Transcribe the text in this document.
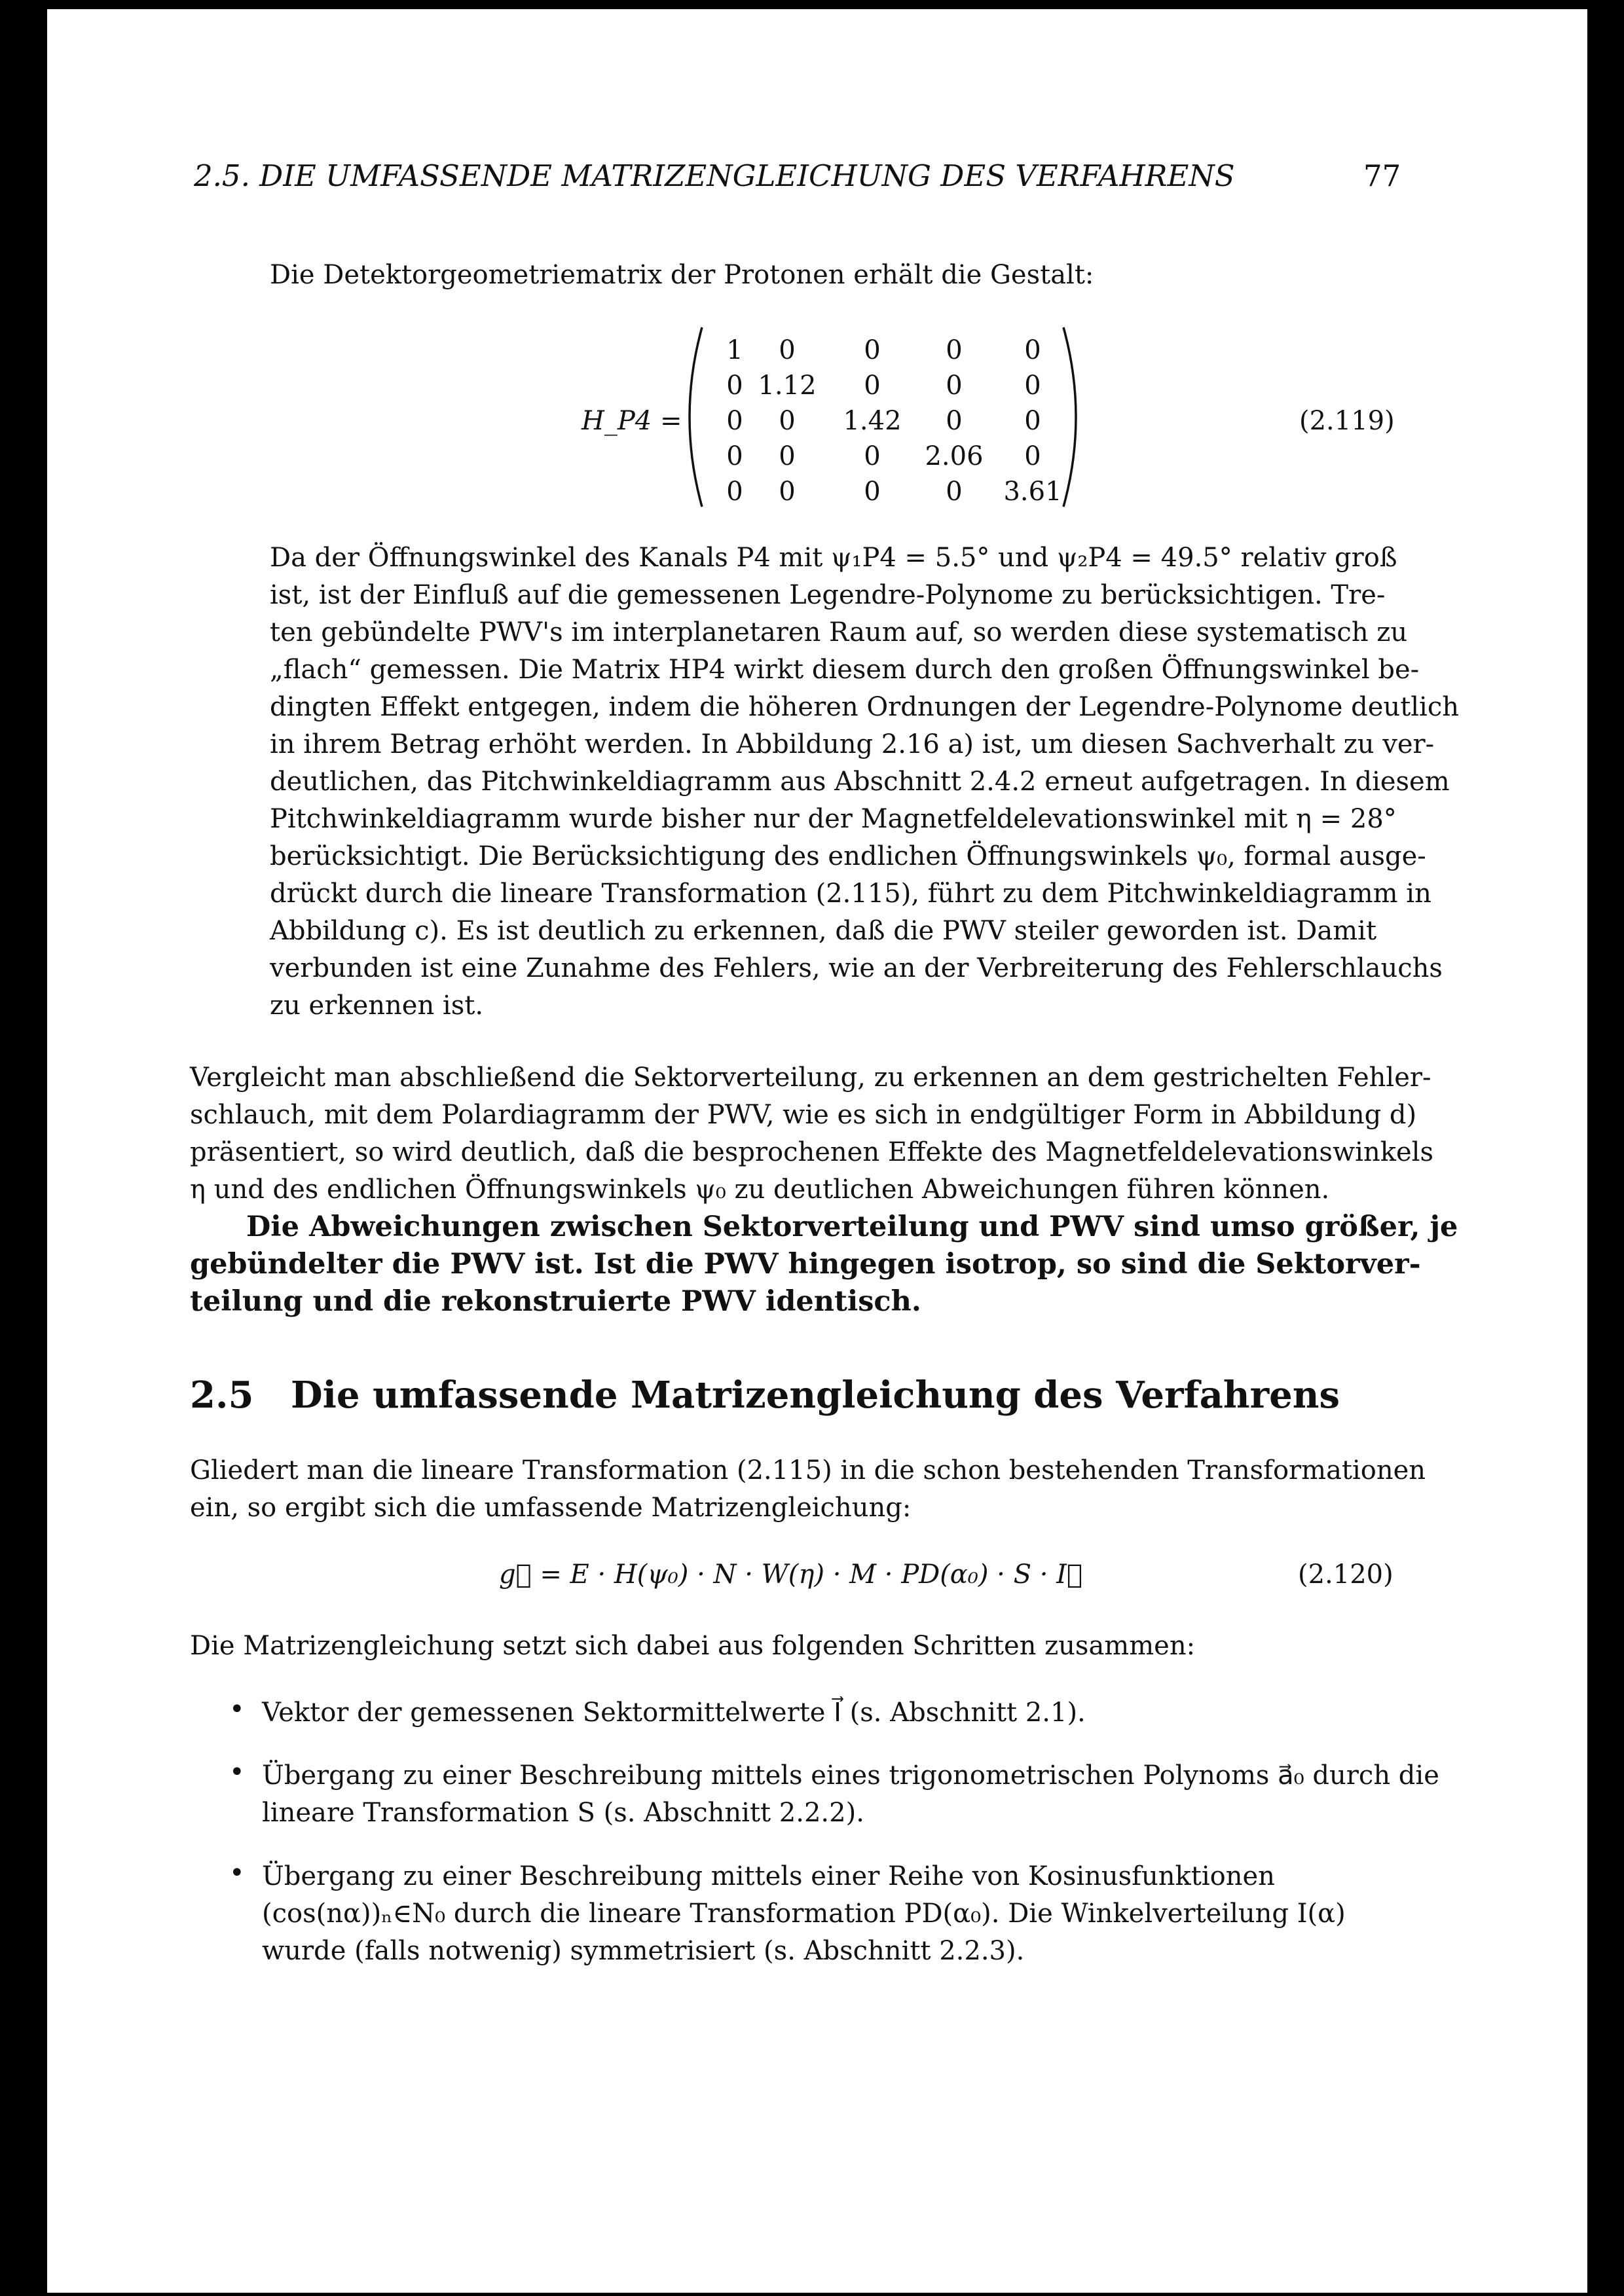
2.5. DIE UMFASSENDE MATRIZENGLEICHUNG DES VERFAHRENS	77
Die Detektorgeometriematrix der Protonen erhält die Gestalt:
H_P4 =
1	0	0	0	0
0 1.12	0	0	0
0	0	1.42	0	0
0	0	0	2.06	0
0	0	0	0	3.61
(2.119)
Da der Öffnungswinkel des Kanals P4 mit ψ₁P4 = 5.5° und ψ₂P4 = 49.5° relativ groß
ist, ist der Einfluß auf die gemessenen Legendre-Polynome zu berücksichtigen. Tre-
ten gebündelte PWV's im interplanetaren Raum auf, so werden diese systematisch zu
„flach“ gemessen. Die Matrix HP4 wirkt diesem durch den großen Öffnungswinkel be-
dingten Effekt entgegen, indem die höheren Ordnungen der Legendre-Polynome deutlich
in ihrem Betrag erhöht werden. In Abbildung 2.16 a) ist, um diesen Sachverhalt zu ver-
deutlichen, das Pitchwinkeldiagramm aus Abschnitt 2.4.2 erneut aufgetragen. In diesem
Pitchwinkeldiagramm wurde bisher nur der Magnetfeldelevationswinkel mit η = 28°
berücksichtigt. Die Berücksichtigung des endlichen Öffnungswinkels ψ₀, formal ausge-
drückt durch die lineare Transformation (2.115), führt zu dem Pitchwinkeldiagramm in
Abbildung c). Es ist deutlich zu erkennen, daß die PWV steiler geworden ist. Damit
verbunden ist eine Zunahme des Fehlers, wie an der Verbreiterung des Fehlerschlauchs
zu erkennen ist.
Vergleicht man abschließend die Sektorverteilung, zu erkennen an dem gestrichelten Fehler-
schlauch, mit dem Polardiagramm der PWV, wie es sich in endgültiger Form in Abbildung d)
präsentiert, so wird deutlich, daß die besprochenen Effekte des Magnetfeldelevationswinkels
η und des endlichen Öffnungswinkels ψ₀ zu deutlichen Abweichungen führen können.
Die Abweichungen zwischen Sektorverteilung und PWV sind umso größer, je
gebündelter die PWV ist. Ist die PWV hingegen isotrop, so sind die Sektorver-
teilung und die rekonstruierte PWV identisch.
2.5 Die umfassende Matrizengleichung des Verfahrens
Gliedert man die lineare Transformation (2.115) in die schon bestehenden Transformationen
ein, so ergibt sich die umfassende Matrizengleichung:
g⃗ = E · H(ψ₀) · N · W(η) · M · PD(α₀) · S · I⃗	(2.120)
Die Matrizengleichung setzt sich dabei aus folgenden Schritten zusammen:
• Vektor der gemessenen Sektormittelwerte I⃗ (s. Abschnitt 2.1).
• Übergang zu einer Beschreibung mittels eines trigonometrischen Polynoms a⃗₀ durch die
lineare Transformation S (s. Abschnitt 2.2.2).
• Übergang zu einer Beschreibung mittels einer Reihe von Kosinusfunktionen
(cos(nα))ₙ∈N₀ durch die lineare Transformation PD(α₀). Die Winkelverteilung I(α)
wurde (falls notwenig) symmetrisiert (s. Abschnitt 2.2.3).
